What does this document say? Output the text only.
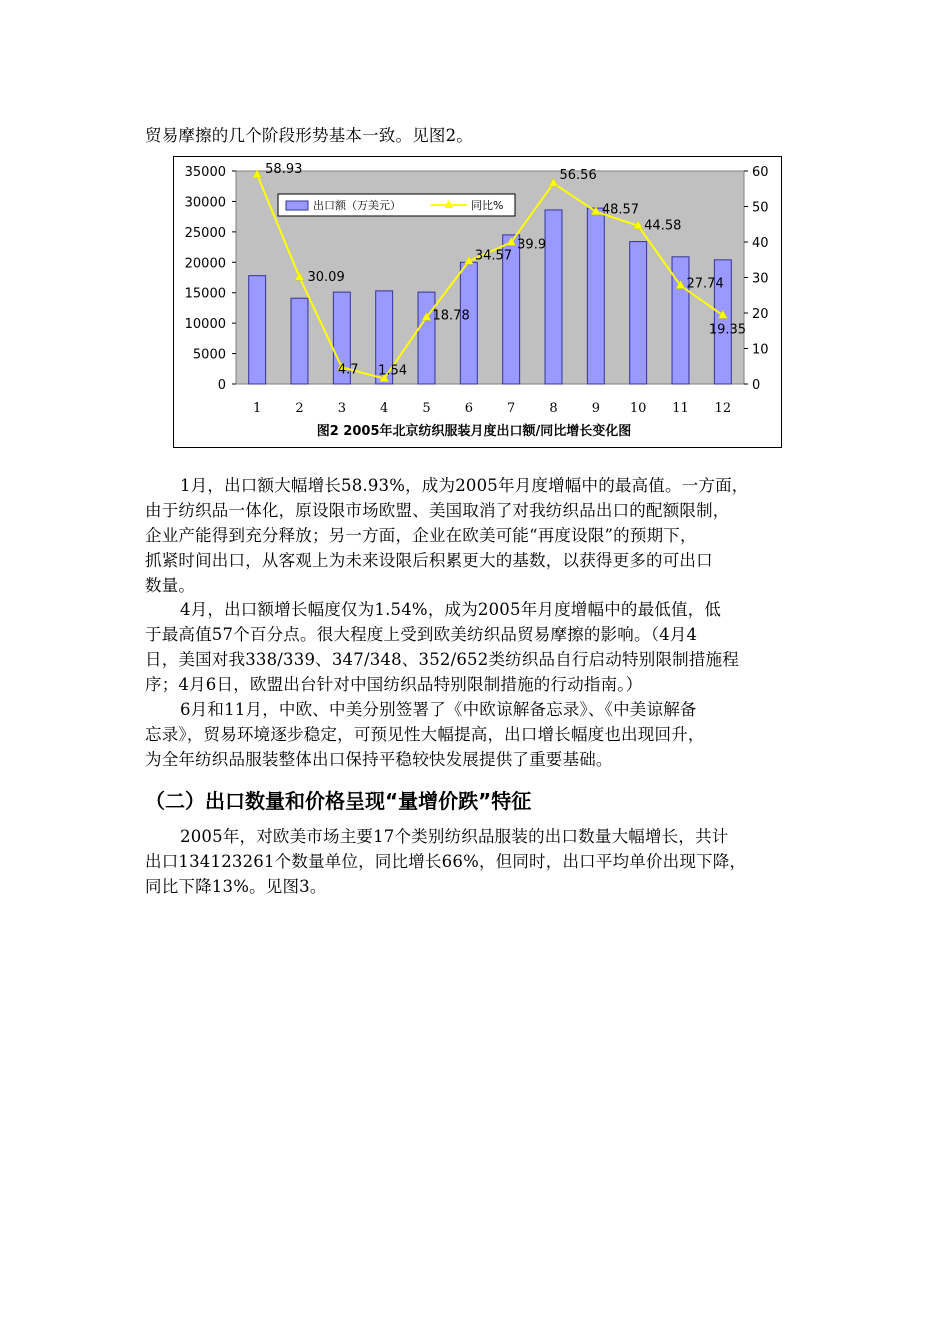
贸易摩擦的几个阶段形势基本一致。见图2。
0
5000
10000
15000
20000
25000
30000
35000
0
10
20
30
40
50
60
58.93
30.09
4.7 1.54
18.78
34.57
39.9
56.56
48.57
44.58
27.74
19.35
1	2	3	4	5	6	7	8	9 10 11 12
出口额（万美元）	同比%
图2 2005年北京纺织服装月度出口额/同比增长变化图
1月，出口额大幅增长58.93%，成为2005年月度增幅中的最高值。一方面，
由于纺织品一体化，原设限市场欧盟、美国取消了对我纺织品出口的配额限制，
企业产能得到充分释放；另一方面，企业在欧美可能“再度设限”的预期下，
抓紧时间出口，从客观上为未来设限后积累更大的基数，以获得更多的可出口
数量。
4月，出口额增长幅度仅为1.54%，成为2005年月度增幅中的最低值，低
于最高值57个百分点。很大程度上受到欧美纺织品贸易摩擦的影响。（4月4
日，美国对我338/339、347/348、352/652类纺织品自行启动特别限制措施程
序；4月6日，欧盟出台针对中国纺织品特别限制措施的行动指南。）
6月和11月，中欧、中美分别签署了《中欧谅解备忘录》、《中美谅解备
忘录》，贸易环境逐步稳定，可预见性大幅提高，出口增长幅度也出现回升，
为全年纺织品服装整体出口保持平稳较快发展提供了重要基础。
2005年，对欧美市场主要17个类别纺织品服装的出口数量大幅增长，共计
出口134123261个数量单位，同比增长66%，但同时，出口平均单价出现下降，
同比下降13%。见图3。
（二）出口数量和价格呈现“量增价跌”特征
